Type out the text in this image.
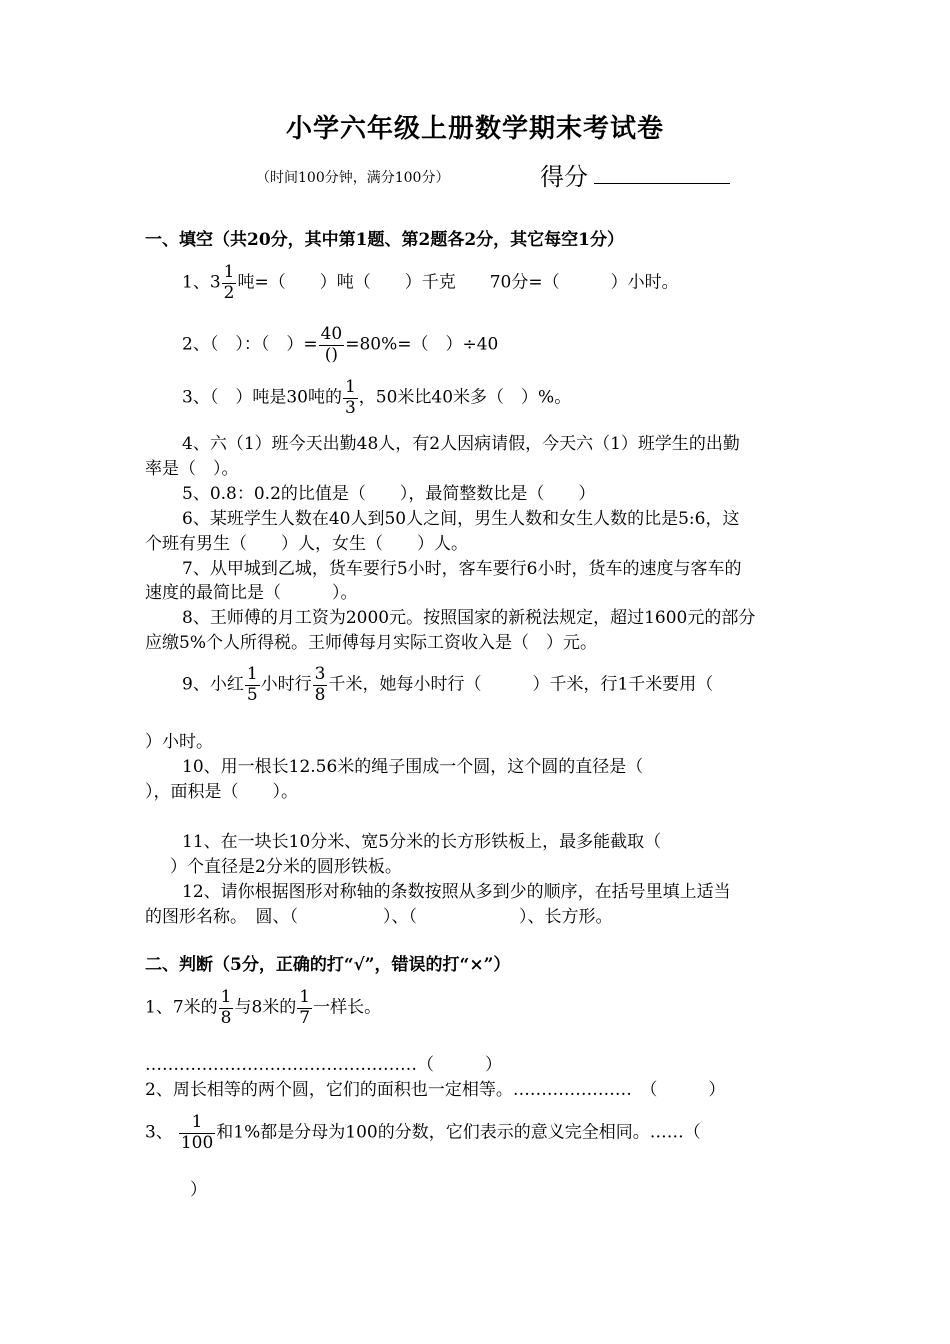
小学六年级上册数学期末考试卷
（时间100分钟，满分100分）	得分
一、填空（共20分，其中第1题、第2题各2分，其它每空1分）
1、$3 \frac{1}{2}$ 吨=（　　）吨（　　）千克　　70分=（　　　）小时。
2、（　）：（　）= $\frac{40}{()} =80\%=$（　）÷40
3、（　）吨是30吨的 $\frac{1}{3}$ ，50米比40米多（　）%。
4、六（1）班今天出勤48人，有2人因病请假，今天六（1）班学生的出勤
率是（　）。
5、0.8：0.2的比值是（　　），最简整数比是（　　）
6、某班学生人数在40人到50人之间，男生人数和女生人数的比是5:6，这
个班有男生（　　）人，女生（　　）人。
7、从甲城到乙城，货车要行5小时，客车要行6小时，货车的速度与客车的
速度的最简比是（　　　）。
8、王师傅的月工资为2000元。按照国家的新税法规定，超过1600元的部分
应缴5%个人所得税。王师傅每月实际工资收入是（　）元。
9、小红 $\frac{1}{5}$ 小时行 $\frac{3}{8}$ 千米，她每小时行（　　　）千米，行1千米要用（
）小时。
10、用一根长12.56米的绳子围成一个圆，这个圆的直径是（
），面积是（　　）。
11、在一块长10分米、宽5分米的长方形铁板上，最多能截取（
）个直径是2分米的圆形铁板。
12、请你根据图形对称轴的条数按照从多到少的顺序，在括号里填上适当
的图形名称。　圆、（　　　　　）、（　　　　　　）、长方形。
二、判断（5分，正确的打“√”，错误的打“×”）
1、7米的 $\frac{1}{8}$ 与8米的 $\frac{1}{7}$ 一样长。
…………………………………………（　　　）
2、周长相等的两个圆，它们的面积也一定相等。…………………　（　　　）
3、 $\frac{1}{100}$ 和1%都是分母为100的分数，它们表示的意义完全相同。……（
）
